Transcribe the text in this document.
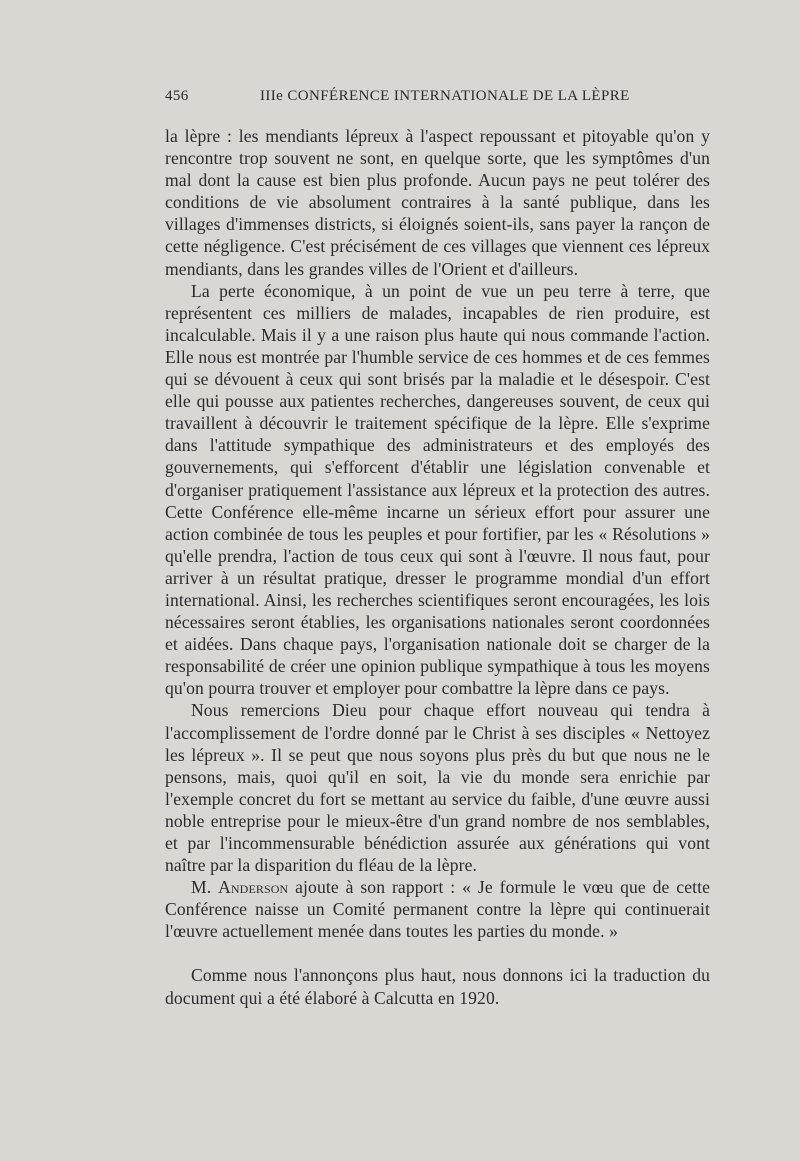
456	IIIe CONFÉRENCE INTERNATIONALE DE LA LÈPRE

la lèpre : les mendiants lépreux à l'aspect repoussant et pitoyable qu'on y rencontre trop souvent ne sont, en quelque sorte, que les symptômes d'un mal dont la cause est bien plus profonde. Aucun pays ne peut tolérer des conditions de vie absolument contraires à la santé publique, dans les villages d'immenses districts, si éloignés soient-ils, sans payer la rançon de cette négligence. C'est précisément de ces villages que viennent ces lépreux mendiants, dans les grandes villes de l'Orient et d'ailleurs.

La perte économique, à un point de vue un peu terre à terre, que représentent ces milliers de malades, incapables de rien produire, est incalculable. Mais il y a une raison plus haute qui nous commande l'action. Elle nous est montrée par l'humble service de ces hommes et de ces femmes qui se dévouent à ceux qui sont brisés par la maladie et le désespoir. C'est elle qui pousse aux patientes recherches, dangereuses souvent, de ceux qui travaillent à découvrir le traitement spécifique de la lèpre. Elle s'exprime dans l'attitude sympathique des administrateurs et des employés des gouvernements, qui s'efforcent d'établir une législation convenable et d'organiser pratiquement l'assistance aux lépreux et la protection des autres. Cette Conférence elle-même incarne un sérieux effort pour assurer une action combinée de tous les peuples et pour fortifier, par les « Résolutions » qu'elle prendra, l'action de tous ceux qui sont à l'œuvre. Il nous faut, pour arriver à un résultat pratique, dresser le programme mondial d'un effort international. Ainsi, les recherches scientifiques seront encouragées, les lois nécessaires seront établies, les organisations nationales seront coordonnées et aidées. Dans chaque pays, l'organisation nationale doit se charger de la responsabilité de créer une opinion publique sympathique à tous les moyens qu'on pourra trouver et employer pour combattre la lèpre dans ce pays.

Nous remercions Dieu pour chaque effort nouveau qui tendra à l'accomplissement de l'ordre donné par le Christ à ses disciples « Nettoyez les lépreux ». Il se peut que nous soyons plus près du but que nous ne le pensons, mais, quoi qu'il en soit, la vie du monde sera enrichie par l'exemple concret du fort se mettant au service du faible, d'une œuvre aussi noble entreprise pour le mieux-être d'un grand nombre de nos semblables, et par l'incommensurable bénédiction assurée aux générations qui vont naître par la disparition du fléau de la lèpre.

M. Anderson ajoute à son rapport : « Je formule le vœu que de cette Conférence naisse un Comité permanent contre la lèpre qui continuerait l'œuvre actuellement menée dans toutes les parties du monde. »

Comme nous l'annonçons plus haut, nous donnons ici la traduction du document qui a été élaboré à Calcutta en 1920.
